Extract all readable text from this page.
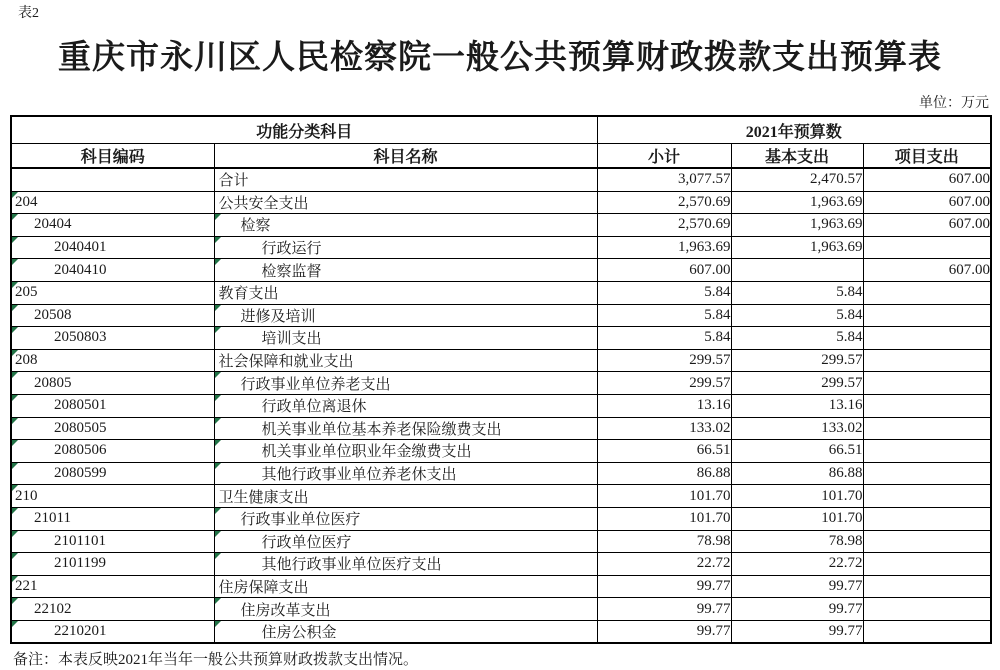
表2
重庆市永川区人民检察院一般公共预算财政拨款支出预算表
单位：万元
功能分类科目		2021年预算数		
科目编码	科目名称	小计	基本支出	项目支出
	合计	3,077.57	2,470.57	607.00

204	公共安全支出	2,570.69	1,963.69	607.00

20404	检察	2,570.69	1,963.69	607.00

2040401	行政运行	1,963.69	1,963.69	

2040410	检察监督	607.00		607.00

205	教育支出	5.84	5.84	

20508	进修及培训	5.84	5.84	

2050803	培训支出	5.84	5.84	

208	社会保障和就业支出	299.57	299.57	

20805	行政事业单位养老支出	299.57	299.57	

2080501	行政单位离退休	13.16	13.16	

2080505	机关事业单位基本养老保险缴费支出	133.02	133.02	

2080506	机关事业单位职业年金缴费支出	66.51	66.51	

2080599	其他行政事业单位养老休支出	86.88	86.88	

210	卫生健康支出	101.70	101.70	

21011	行政事业单位医疗	101.70	101.70	

2101101	行政单位医疗	78.98	78.98	

2101199	其他行政事业单位医疗支出	22.72	22.72	

221	住房保障支出	99.77	99.77	

22102	住房改革支出	99.77	99.77	

2210201	住房公积金	99.77	99.77	
备注：本表反映2021年当年一般公共预算财政拨款支出情况。
